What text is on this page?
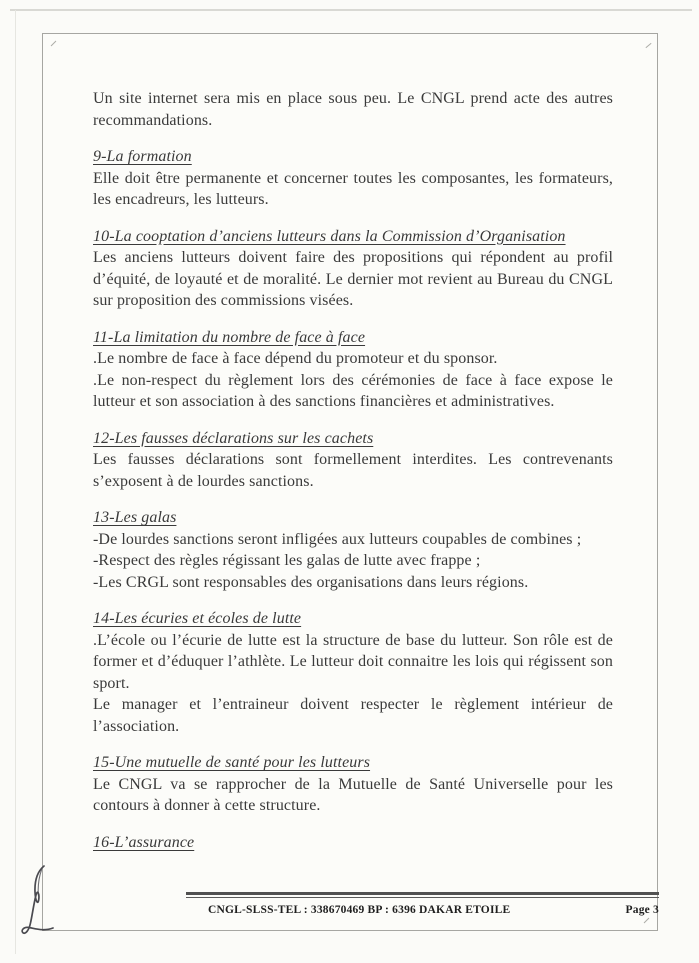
Un site internet sera mis en place sous peu. Le CNGL prend acte des autres recommandations.

9-La formation

Elle doit être permanente et concerner toutes les composantes, les formateurs, les encadreurs, les lutteurs.

10-La cooptation d’anciens lutteurs dans la Commission d’Organisation

Les anciens lutteurs doivent faire des propositions qui répondent au profil d’équité, de loyauté et de moralité. Le dernier mot revient au Bureau du CNGL sur proposition des commissions visées.

11-La limitation du nombre de face à face

.Le nombre de face à face dépend du promoteur et du sponsor.

.Le non-respect du règlement lors des cérémonies de face à face expose le lutteur et son association à des sanctions financières et administratives.

12-Les fausses déclarations sur les cachets

Les fausses déclarations sont formellement interdites. Les contrevenants s’exposent à de lourdes sanctions.

13-Les galas

-De lourdes sanctions seront infligées aux lutteurs coupables de combines ;

-Respect des règles régissant les galas de lutte avec frappe ;

-Les CRGL sont responsables des organisations dans leurs régions.

14-Les écuries et écoles de lutte

.L’école ou l’écurie de lutte est la structure de base du lutteur. Son rôle est de former et d’éduquer l’athlète. Le lutteur doit connaitre les lois qui régissent son sport.

Le manager et l’entraineur doivent respecter le règlement intérieur de l’association.

15-Une mutuelle de santé pour les lutteurs

Le CNGL va se rapprocher de la Mutuelle de Santé Universelle pour les contours à donner à cette structure.

16-L’assurance
CNGL-SLSS-TEL : 338670469 BP : 6396 DAKAR ETOILE	Page 3
